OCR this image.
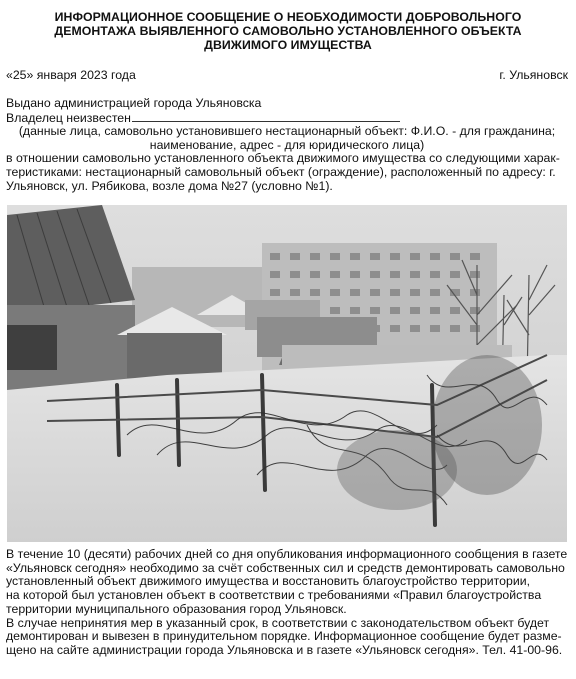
ИНФОРМАЦИОННОЕ СООБЩЕНИЕ О НЕОБХОДИМОСТИ ДОБРОВОЛЬНОГО
ДЕМОНТАЖА ВЫЯВЛЕННОГО САМОВОЛЬНО УСТАНОВЛЕННОГО ОБЪЕКТА
ДВИЖИМОГО ИМУЩЕСТВА
«25» января 2023 года	г. Ульяновск
Выдано администрацией города Ульяновска
Владелец неизвестен
(данные лица, самовольно установившего нестационарный объект: Ф.И.О. - для гражданина;
наименование, адрес - для юридического лица)
в отношении самовольно установленного объекта движимого имущества со следующими харак-
теристиками: нестационарный самовольный объект (ограждение), расположенный по адресу: г.
Ульяновск, ул. Рябикова, возле дома №27 (условно №1).
В течение 10 (десяти) рабочих дней со дня опубликования информационного сообщения в газете
«Ульяновск сегодня» необходимо за счёт собственных сил и средств демонтировать самовольно
установленный объект движимого имущества и восстановить благоустройство территории,
на которой был установлен объект в соответствии с требованиями «Правил благоустройства
территории муниципального образования город Ульяновск.
В случае непринятия мер в указанный срок, в соответствии с законодательством объект будет
демонтирован и вывезен в принудительном порядке. Информационное сообщение будет разме-
щено на сайте администрации города Ульяновска и в газете «Ульяновск сегодня». Тел. 41-00-96.
